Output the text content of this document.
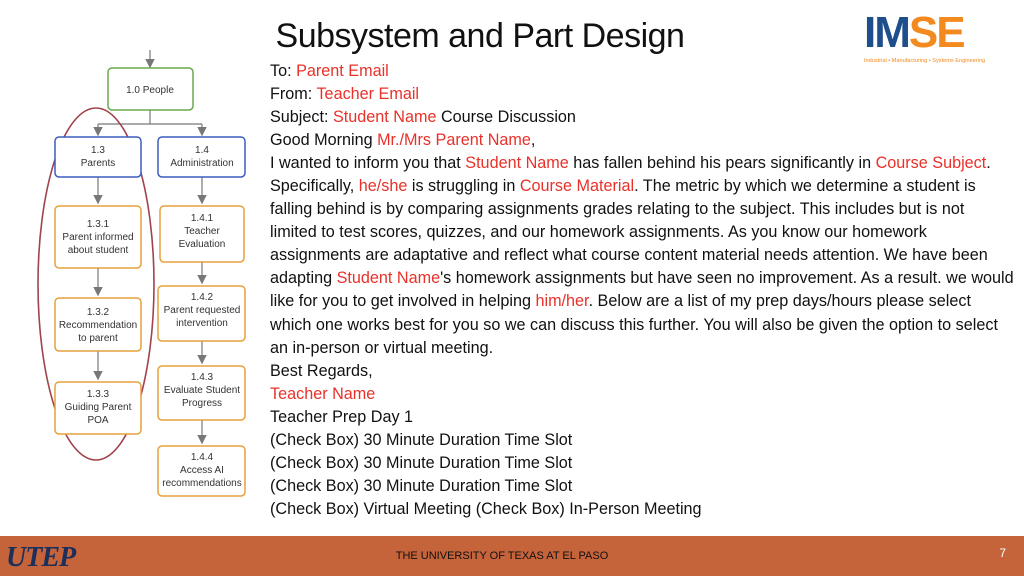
Subsystem and Part Design	IMSE
Industrial • Manufacturing • Systems Engineering
1.0 People
1.3
Parents
1.3.1
Parent informed
about student
1.3.2
Recommendation
to parent
1.3.3
Guiding Parent
POA
1.4
Administration
1.4.1
Teacher
Evaluation
1.4.2
Parent requested
intervention
1.4.3
Evaluate Student
Progress
1.4.4
Access AI
recommendations
To: Parent Email
From: Teacher Email
Subject: Student Name Course Discussion
Good Morning Mr./Mrs Parent Name,
I wanted to inform you that Student Name has fallen behind his pears significantly in Course Subject. Specifically, he/she is struggling in Course Material. The metric by which we determine a student is falling behind is by comparing assignments grades relating to the subject. This includes but is not limited to test scores, quizzes, and our homework assignments. As you know our homework assignments are adaptative and reflect what course content material needs attention. We have been adapting Student Name's homework assignments but have seen no improvement. As a result. we would like for you to get involved in helping him/her. Below are a list of my prep days/hours please select which one works best for you so we can discuss this further. You will also be given the option to select an in-person or virtual meeting.
Best Regards,
Teacher Name
Teacher Prep Day 1
(Check Box) 30 Minute Duration Time Slot
(Check Box) 30 Minute Duration Time Slot
(Check Box) 30 Minute Duration Time Slot
(Check Box) Virtual Meeting (Check Box) In-Person Meeting
UTEP	THE UNIVERSITY OF TEXAS AT EL PASO	7
